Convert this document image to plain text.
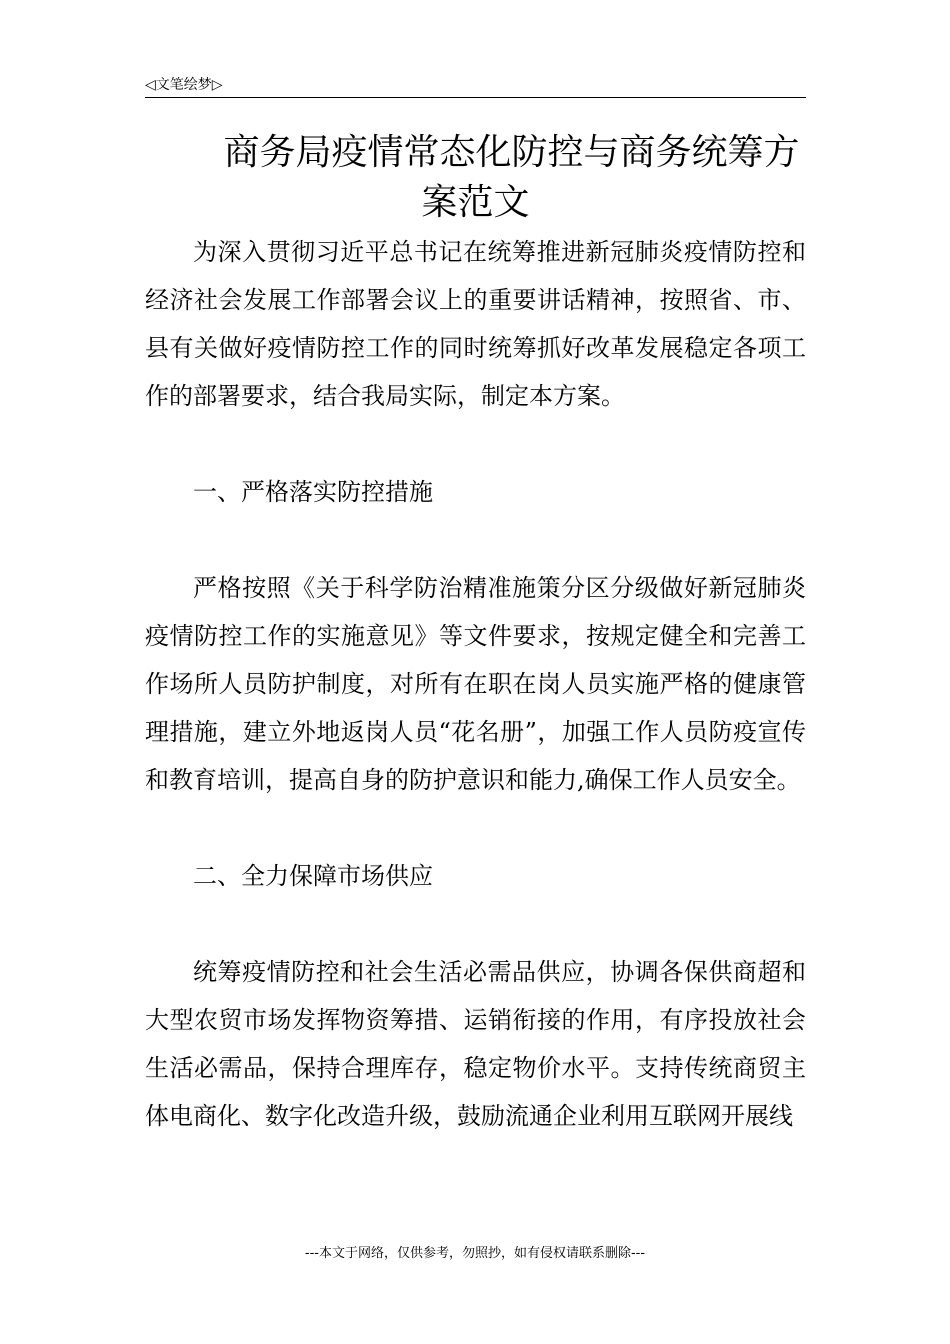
◁文笔绘梦▷
商务局疫情常态化防控与商务统筹方
案范文

为深入贯彻习近平总书记在统筹推进新冠肺炎疫情防控和经济社会发展工作部署会议上的重要讲话精神，按照省、市、县有关做好疫情防控工作的同时统筹抓好改革发展稳定各项工作的部署要求，结合我局实际，制定本方案。

一、严格落实防控措施

严格按照《关于科学防治精准施策分区分级做好新冠肺炎疫情防控工作的实施意见》等文件要求，按规定健全和完善工作场所人员防护制度，对所有在职在岗人员实施严格的健康管理措施，建立外地返岗人员“花名册”，加强工作人员防疫宣传和教育培训，提高自身的防护意识和能力,确保工作人员安全。

二、全力保障市场供应

统筹疫情防控和社会生活必需品供应，协调各保供商超和大型农贸市场发挥物资筹措、运销衔接的作用，有序投放社会生活必需品，保持合理库存，稳定物价水平。支持传统商贸主体电商化、数字化改造升级，鼓励流通企业利用互联网开展线

---本文于网络，仅供参考，勿照抄，如有侵权请联系删除---
